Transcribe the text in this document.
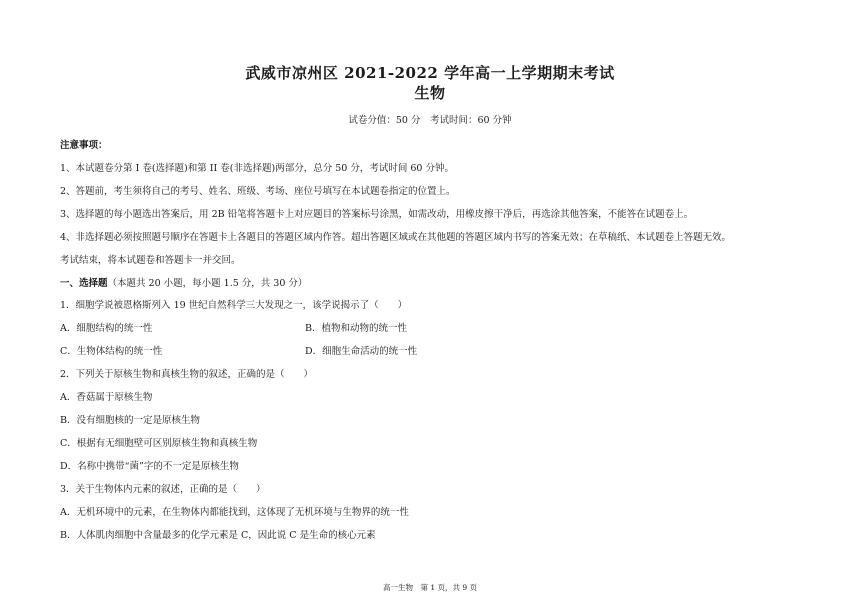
武威市凉州区 2021-2022 学年高一上学期期末考试
生物
试卷分值：50 分　考试时间：60 分钟
注意事项：
1、本试题卷分第 I 卷(选择题)和第 II 卷(非选择题)两部分，总分 50 分，考试时间 60 分钟。
2、答题前，考生须将自己的考号、姓名、班级、考场、座位号填写在本试题卷指定的位置上。
3、选择题的每小题选出答案后，用 2B 铅笔将答题卡上对应题目的答案标号涂黑，如需改动，用橡皮擦干净后，再选涂其他答案，不能答在试题卷上。
4、非选择题必须按照题号顺序在答题卡上各题目的答题区域内作答。超出答题区域或在其他题的答题区域内书写的答案无效；在草稿纸、本试题卷上答题无效。
考试结束，将本试题卷和答题卡一并交回。
一、选择题（本题共 20 小题，每小题 1.5 分，共 30 分）
1．细胞学说被恩格斯列入 19 世纪自然科学三大发现之一，该学说揭示了（　　）
A．细胞结构的统一性	B．植物和动物的统一性
C．生物体结构的统一性	D．细胞生命活动的统一性
2．下列关于原核生物和真核生物的叙述，正确的是（　　）
A．香菇属于原核生物
B．没有细胞核的一定是原核生物
C．根据有无细胞壁可区别原核生物和真核生物
D．名称中携带“菌”字的不一定是原核生物
3．关于生物体内元素的叙述，正确的是（　　）
A．无机环境中的元素，在生物体内都能找到，这体现了无机环境与生物界的统一性
B．人体肌肉细胞中含量最多的化学元素是 C，因此说 C 是生命的核心元素
高一生物　第 1 页，共 9 页
